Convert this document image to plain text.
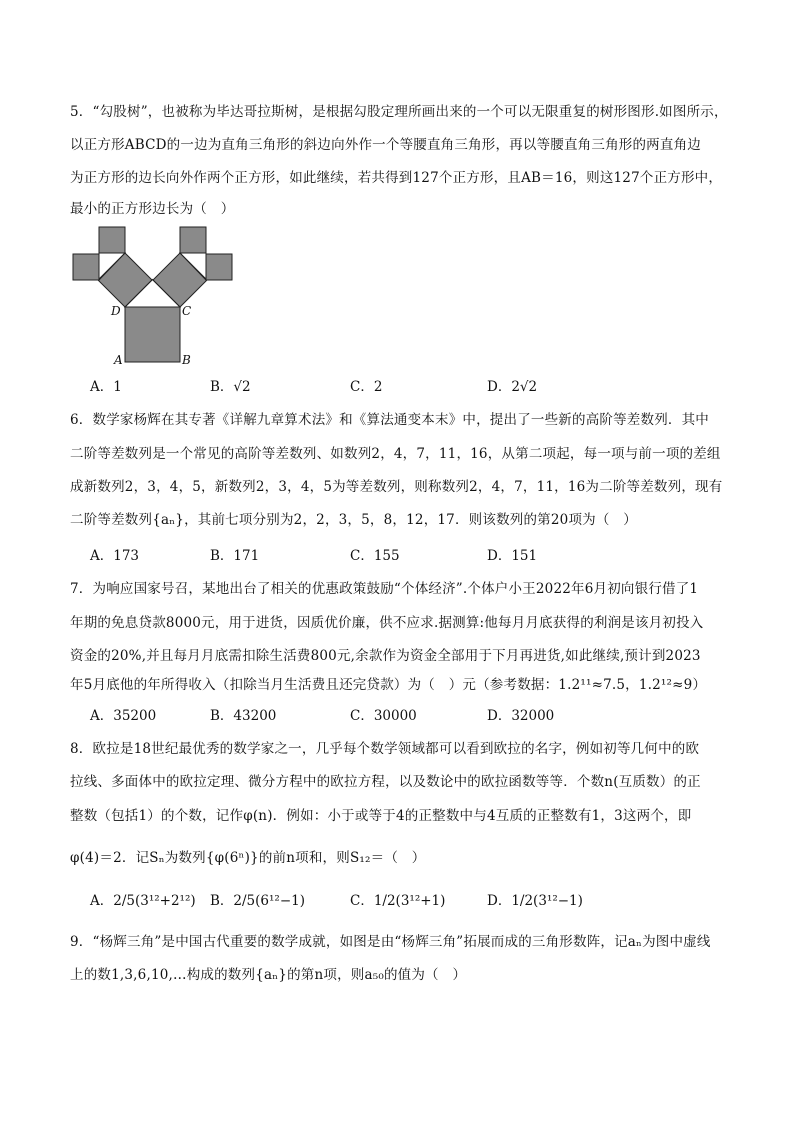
5．“勾股树”，也被称为毕达哥拉斯树，是根据勾股定理所画出来的一个可以无限重复的树形图形.如图所示，
以正方形ABCD的一边为直角三角形的斜边向外作一个等腰直角三角形，再以等腰直角三角形的两直角边
为正方形的边长向外作两个正方形，如此继续，若共得到127个正方形，且AB＝16，则这127个正方形中，
最小的正方形边长为（　）
D	C
A	B
A．1	B．√2	C．2	D．2√2
6．数学家杨辉在其专著《详解九章算术法》和《算法通变本末》中，提出了一些新的高阶等差数列．其中
二阶等差数列是一个常见的高阶等差数列、如数列2，4，7，11，16，从第二项起，每一项与前一项的差组
成新数列2，3，4，5，新数列2，3，4，5为等差数列，则称数列2，4，7，11，16为二阶等差数列，现有
二阶等差数列{aₙ}，其前七项分别为2，2，3，5，8，12，17．则该数列的第20项为（　）
A．173	B．171	C．155	D．151
7．为响应国家号召，某地出台了相关的优惠政策鼓励“个体经济”.个体户小王2022年6月初向银行借了1
年期的免息贷款8000元，用于进货，因质优价廉，供不应求.据测算:他每月月底获得的利润是该月初投入
资金的20%,并且每月月底需扣除生活费800元,余款作为资金全部用于下月再进货,如此继续,预计到2023
年5月底他的年所得收入（扣除当月生活费且还完贷款）为（　）元（参考数据：1.2¹¹≈7.5，1.2¹²≈9）
A．35200	B．43200	C．30000	D．32000
8．欧拉是18世纪最优秀的数学家之一，几乎每个数学领域都可以看到欧拉的名字，例如初等几何中的欧
拉线、多面体中的欧拉定理、微分方程中的欧拉方程，以及数论中的欧拉函数等等．个数n(互质数）的正
整数（包括1）的个数，记作φ(n)．例如：小于或等于4的正整数中与4互质的正整数有1，3这两个，即
φ(4)＝2．记Sₙ为数列{φ(6ⁿ)}的前n项和，则S₁₂＝（　）
A．2/5(3¹²+2¹²) B．2/5(6¹²−1)	C．1/2(3¹²+1)	D．1/2(3¹²−1)
9．“杨辉三角”是中国古代重要的数学成就，如图是由“杨辉三角”拓展而成的三角形数阵，记aₙ为图中虚线
上的数1,3,6,10,…构成的数列{aₙ}的第n项，则a₅₀的值为（　）
